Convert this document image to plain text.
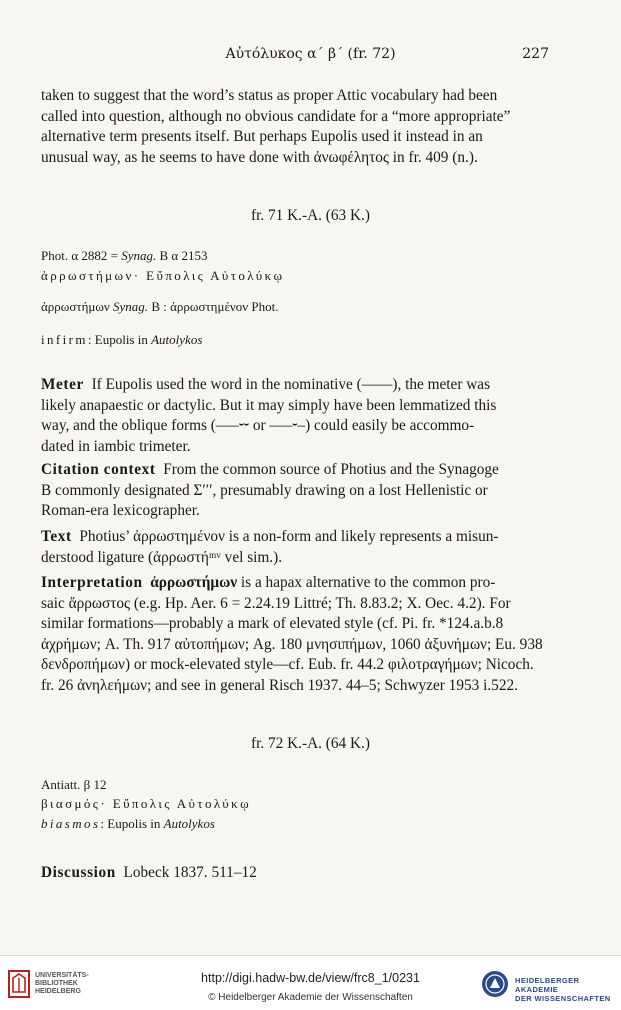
Αὐτόλυκος α΄ β΄ (fr. 72)	227
taken to suggest that the word’s status as proper Attic vocabulary had been
called into question, although no obvious candidate for a “more appropriate”
alternative term presents itself. But perhaps Eupolis used it instead in an
unusual way, as he seems to have done with ἀνωφέλητος in fr. 409 (n.).
fr. 71 K.-A. (63 K.)
Phot. α 2882 = Synag. B α 2153
ἀρρωστήμων· Εὔπολις Αὐτολύκῳ
ἀρρωστήμων Synag. B : ἀρρωστημένον Phot.
infirm: Eupolis in Autolykos
Meter If Eupolis used the word in the nominative (––––), the meter was
likely anapaestic or dactylic. But it may simply have been lemmatized this
way, and the oblique forms (–––⏑⏑ or –––⏑–) could easily be accommo-
dated in iambic trimeter.
Citation context From the common source of Photius and the Synagoge
B commonly designated Σ′′′, presumably drawing on a lost Hellenistic or
Roman-era lexicographer.
Text Photius’ ἀρρωστημένον is a non-form and likely represents a misun-
derstood ligature (ἀρρωστήᵐᵛ vel sim.).
Interpretation ἀρρωστήμων is a hapax alternative to the common pro-
saic ἄρρωστος (e.g. Hp. Aer. 6 = 2.24.19 Littré; Th. 8.83.2; X. Oec. 4.2). For
similar formations—probably a mark of elevated style (cf. Pi. fr. *124.a.b.8
ἀχρήμων; A. Th. 917 αὐτοπήμων; Ag. 180 μνησιπήμων, 1060 ἀξυνήμων; Eu. 938
δενδροπήμων) or mock-elevated style—cf. Eub. fr. 44.2 φιλοτραγήμων; Nicoch.
fr. 26 ἀνηλεήμων; and see in general Risch 1937. 44–5; Schwyzer 1953 i.522.
fr. 72 K.-A. (64 K.)
Antiatt. β 12
βιασμός· Εὔπολις Αὐτολύκῳ
biasmos: Eupolis in Autolykos
Discussion Lobeck 1837. 511–12
UNIVERSITÄTS-
BIBLIOTHEK
HEIDELBERG
http://digi.hadw-bw.de/view/frc8_1/0231
© Heidelberger Akademie der Wissenschaften
HEIDELBERGER AKADEMIE
DER WISSENSCHAFTEN
